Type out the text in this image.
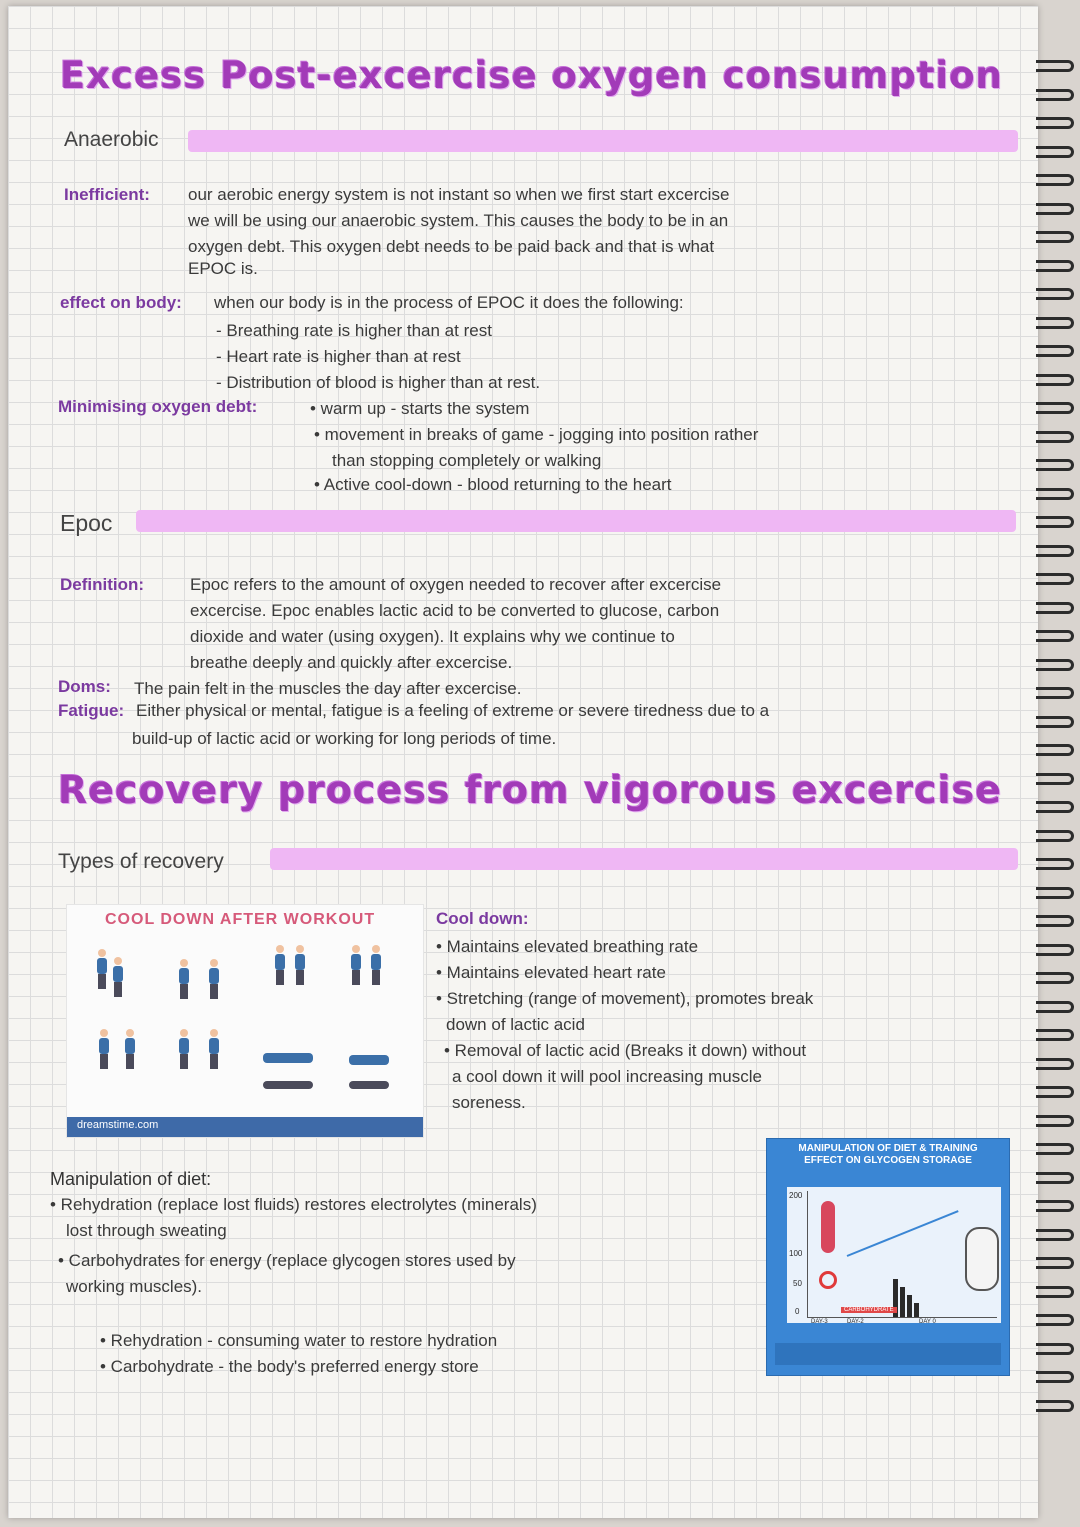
Excess Post-excercise oxygen consumption
Anaerobic
Inefficient: our aerobic energy system is not instant so when we first start excercise
we will be using our anaerobic system. This causes the body to be in an
oxygen debt. This oxygen debt needs to be paid back and that is what
EPOC is.
effect on body: when our body is in the process of EPOC it does the following:
- Breathing rate is higher than at rest
- Heart rate is higher than at rest
- Distribution of blood is higher than at rest.
Minimising oxygen debt:	• warm up - starts the system
• movement in breaks of game - jogging into position rather
than stopping completely or walking
• Active cool-down - blood returning to the heart
Epoc
Definition:	Epoc refers to the amount of oxygen needed to recover after excercise
excercise. Epoc enables lactic acid to be converted to glucose, carbon
dioxide and water (using oxygen). It explains why we continue to
breathe deeply and quickly after excercise.
Doms: The pain felt in the muscles the day after excercise.
Fatigue: Either physical or mental, fatigue is a feeling of extreme or severe tiredness due to a
build-up of lactic acid or working for long periods of time.
Recovery process from vigorous excercise
Types of recovery
COOL DOWN AFTER WORKOUT
dreamstime.com
Cool down:
• Maintains elevated breathing rate
• Maintains elevated heart rate
• Stretching (range of movement), promotes break
down of lactic acid
• Removal of lactic acid (Breaks it down) without
a cool down it will pool increasing muscle
soreness.
Manipulation of diet:
• Rehydration (replace lost fluids) restores electrolytes (minerals)
lost through sweating
• Carbohydrates for energy (replace glycogen stores used by
working muscles).
• Rehydration - consuming water to restore hydration
• Carbohydrate - the body's preferred energy store
MANIPULATION OF DIET & TRAINING
EFFECT ON GLYCOGEN STORAGE
200
100
50
0	CARBOHYDRATE
DAY-3	DAY-2	DAY 0
